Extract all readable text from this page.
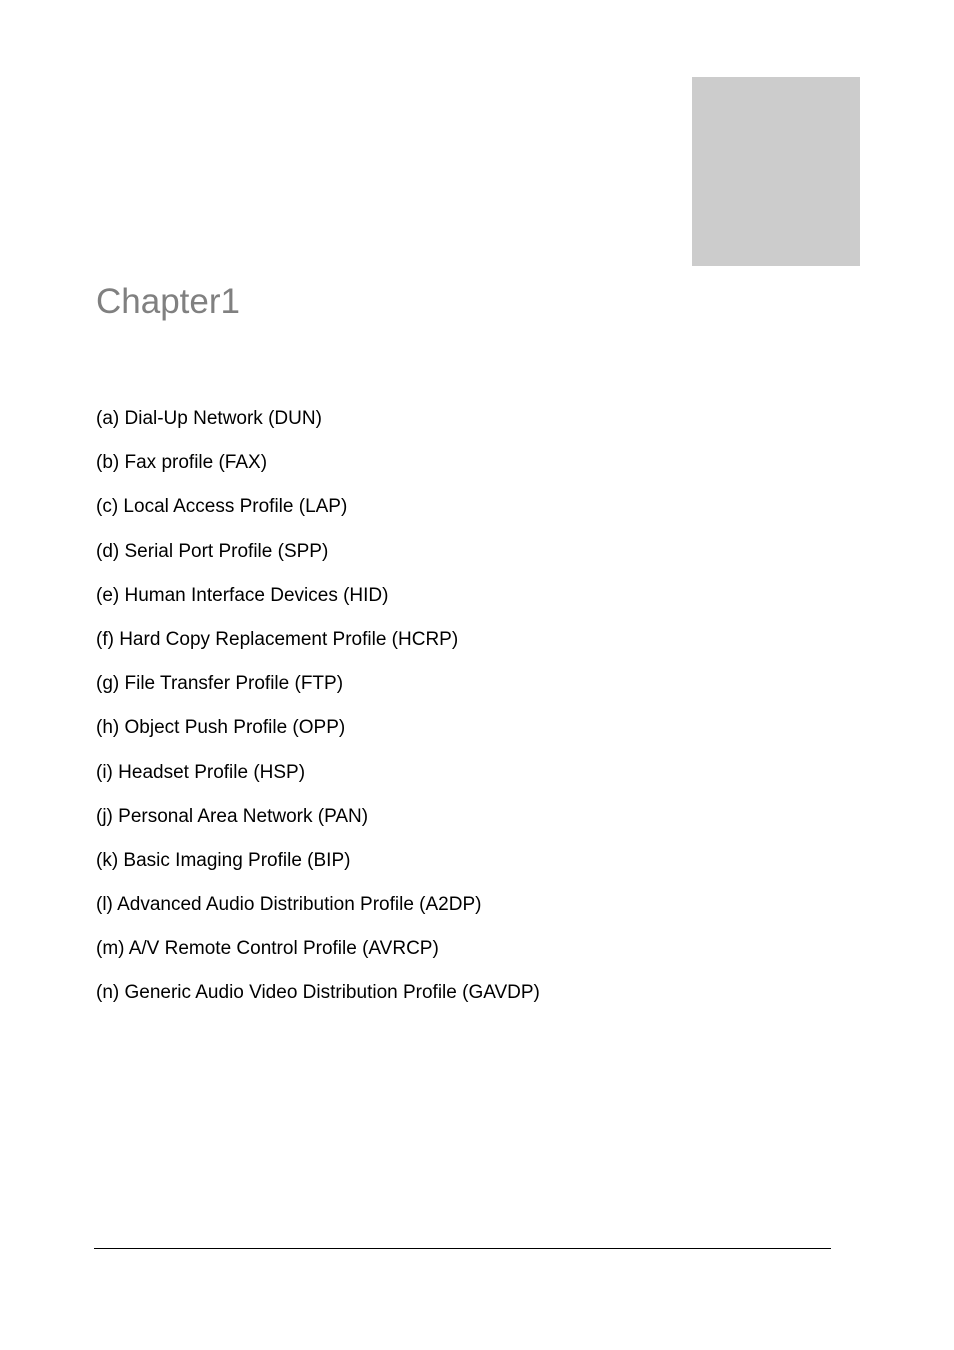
Chapter1
(a) Dial-Up Network (DUN)
(b) Fax profile (FAX)
(c) Local Access Profile (LAP)
(d) Serial Port Profile (SPP)
(e) Human Interface Devices (HID)
(f) Hard Copy Replacement Profile (HCRP)
(g) File Transfer Profile (FTP)
(h) Object Push Profile (OPP)
(i) Headset Profile (HSP)
(j) Personal Area Network (PAN)
(k) Basic Imaging Profile (BIP)
(l) Advanced Audio Distribution Profile (A2DP)
(m) A/V Remote Control Profile (AVRCP)
(n) Generic Audio Video Distribution Profile (GAVDP)
